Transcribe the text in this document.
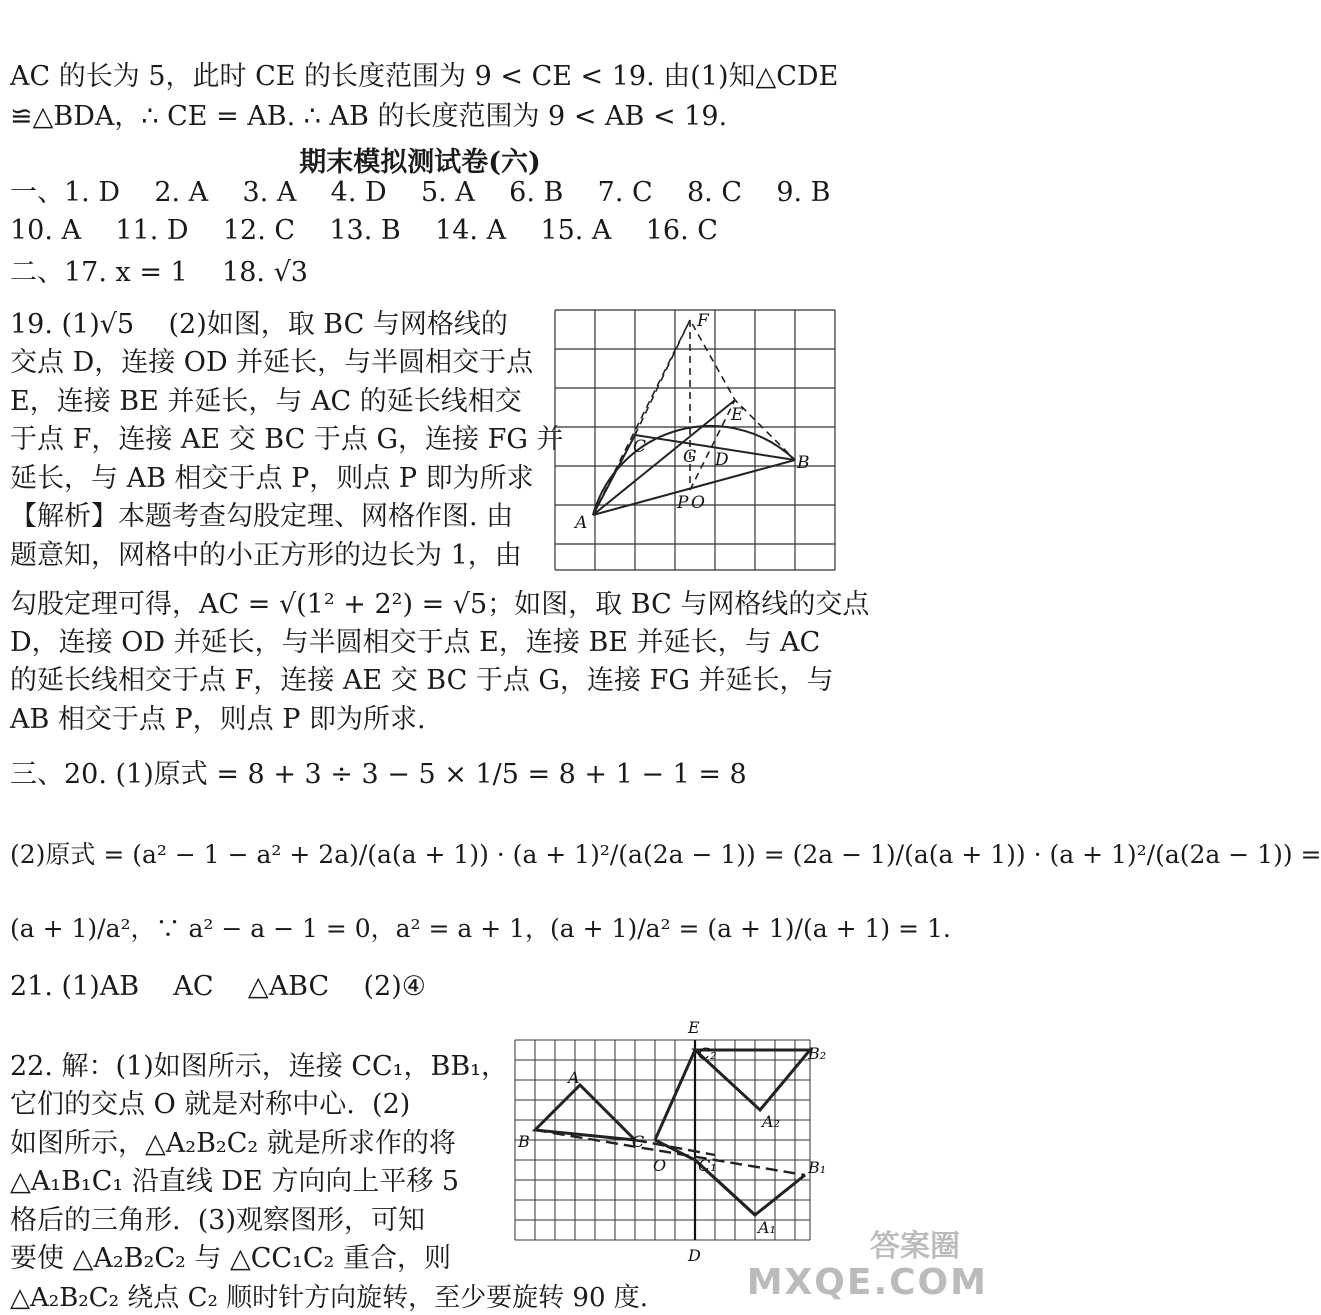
AC 的长为 5，此时 CE 的长度范围为 9 < CE < 19. 由(1)知△CDE
≌△BDA，∴ CE = AB. ∴ AB 的长度范围为 9 < AB < 19.
期末模拟测试卷(六)
一、1. D    2. A    3. A    4. D    5. A    6. B    7. C    8. C    9. B
10. A    11. D    12. C    13. B    14. A    15. A    16. C
二、17. x = 1    18. √3
19. (1)√5    (2)如图，取 BC 与网格线的
交点 D，连接 OD 并延长，与半圆相交于点
E，连接 BE 并延长，与 AC 的延长线相交
于点 F，连接 AE 交 BC 于点 G，连接 FG 并
延长，与 AB 相交于点 P，则点 P 即为所求
【解析】本题考查勾股定理、网格作图. 由
题意知，网格中的小正方形的边长为 1，由
勾股定理可得，AC = √(1² + 2²) = √5；如图，取 BC 与网格线的交点
D，连接 OD 并延长，与半圆相交于点 E，连接 BE 并延长，与 AC
的延长线相交于点 F，连接 AE 交 BC 于点 G，连接 FG 并延长，与
AB 相交于点 P，则点 P 即为所求.
三、20. (1)原式 = 8 + 3 ÷ 3 − 5 × 1/5 = 8 + 1 − 1 = 8
(2)原式 = (a² − 1 − a² + 2a)/(a(a + 1)) · (a + 1)²/(a(2a − 1)) = (2a − 1)/(a(a + 1)) · (a + 1)²/(a(2a − 1)) =
(a + 1)/a²，∵ a² − a − 1 = 0，a² = a + 1，(a + 1)/a² = (a + 1)/(a + 1) = 1.
21. (1)AB    AC    △ABC    (2)④
22. 解：(1)如图所示，连接 CC₁，BB₁，
它们的交点 O 就是对称中心.  (2)
如图所示，△A₂B₂C₂ 就是所求作的将
△A₁B₁C₁ 沿直线 DE 方向向上平移 5
格后的三角形.  (3)观察图形，可知
要使 △A₂B₂C₂ 与 △CC₁C₂ 重合，则
△A₂B₂C₂ 绕点 C₂ 顺时针方向旋转，至少要旋转 90 度.
F
E
C G D	B
P O
A
E
C₂	B₂
A
A₂
B	C
O C₁	B₁
A₁
D	答案圈
MXQE.COM
